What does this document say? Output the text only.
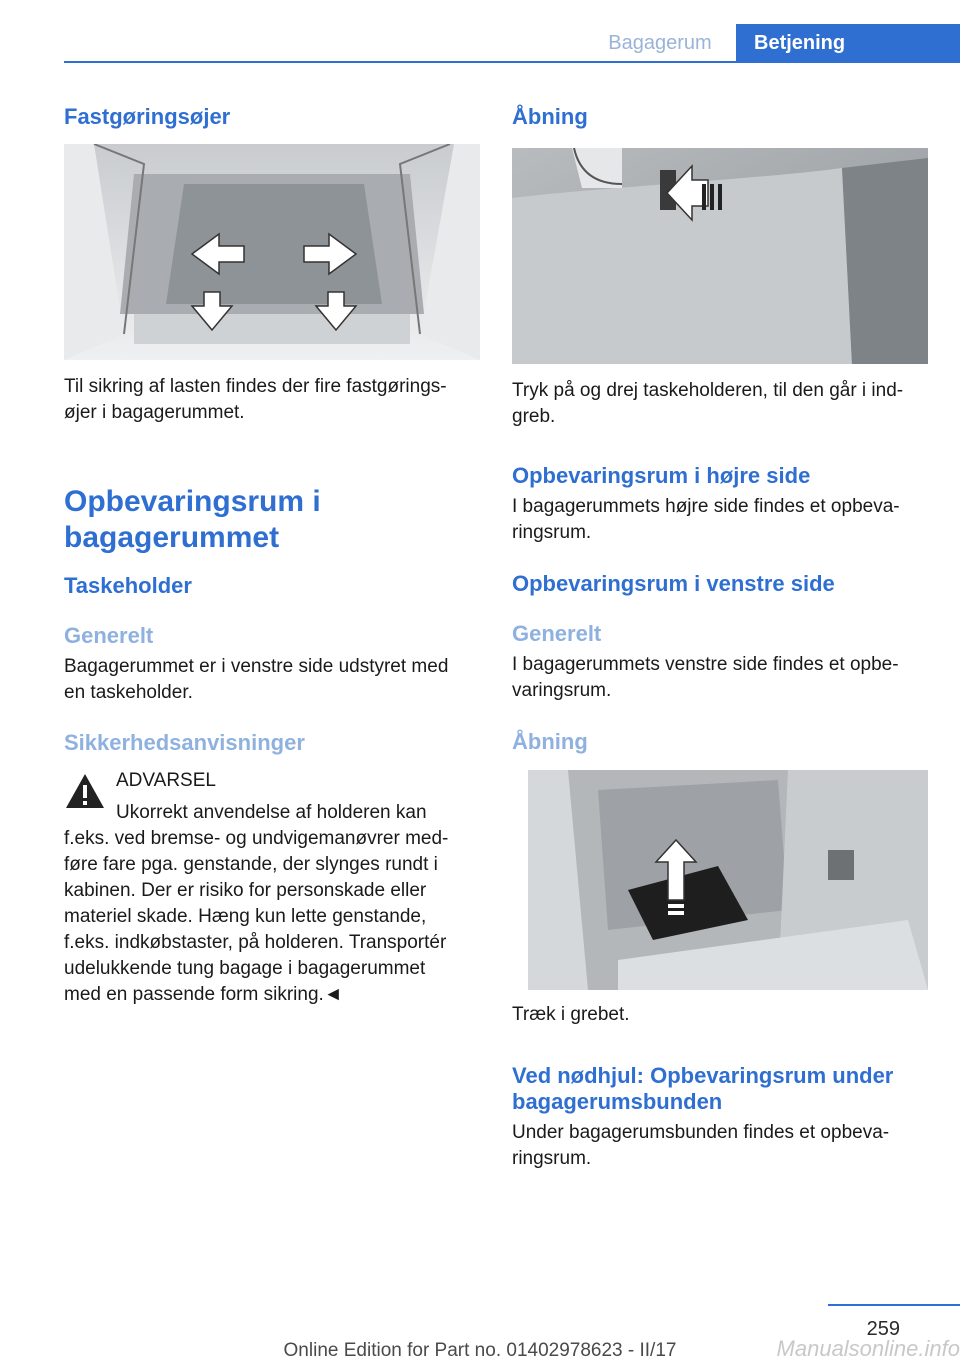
Bagagerum	Betjening
Fastgøringsøjer
Til sikring af lasten findes der fire fastgørings-
øjer i bagagerummet.
Opbevaringsrum i
bagagerummet
Taskeholder
Generelt
Bagagerummet er i venstre side udstyret med
en taskeholder.
Sikkerhedsanvisninger
ADVARSEL
Ukorrekt anvendelse af holderen kan
f.eks. ved bremse- og undvigemanøvrer med-
føre fare pga. genstande, der slynges rundt i
kabinen. Der er risiko for personskade eller
materiel skade. Hæng kun lette genstande,
f.eks. indkøbstaster, på holderen. Transportér
udelukkende tung bagage i bagagerummet
med en passende form sikring.◄
Åbning
Tryk på og drej taskeholderen, til den går i ind-
greb.
Opbevaringsrum i højre side
I bagagerummets højre side findes et opbeva-
ringsrum.
Opbevaringsrum i venstre side
Generelt
I bagagerummets venstre side findes et opbe-
varingsrum.
Åbning
Træk i grebet.
Ved nødhjul: Opbevaringsrum under
bagagerumsbunden
Under bagagerumsbunden findes et opbeva-
ringsrum.
259
Online Edition for Part no. 01402978623 - II/17	Manualsonline.info
